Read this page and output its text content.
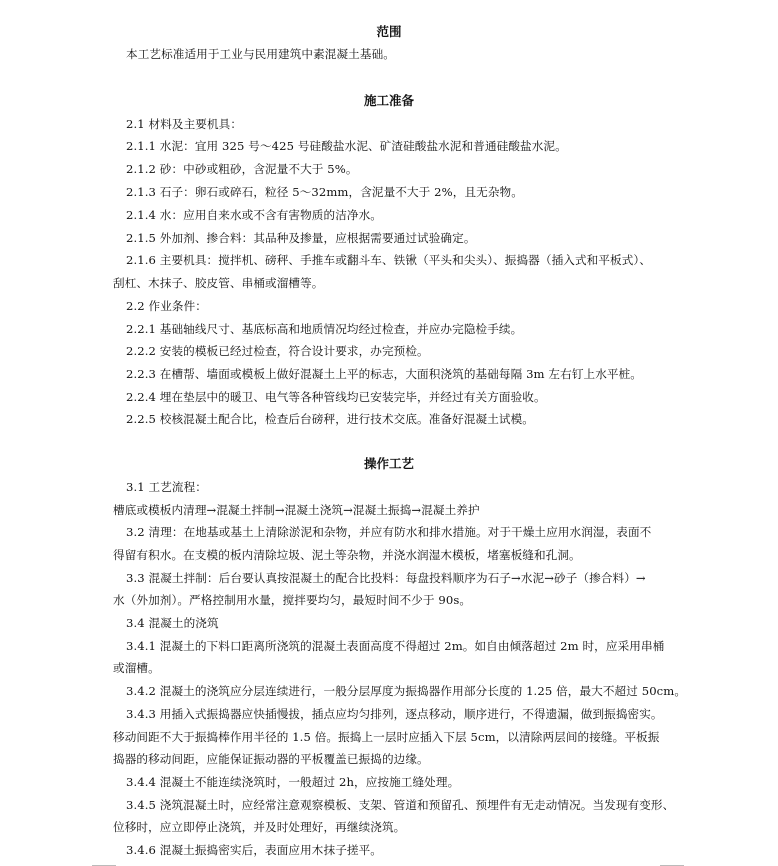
范围
本工艺标准适用于工业与民用建筑中素混凝土基础。
施工准备
2.1 材料及主要机具：
2.1.1 水泥：宜用 325 号～425 号硅酸盐水泥、矿渣硅酸盐水泥和普通硅酸盐水泥。
2.1.2 砂：中砂或粗砂，含泥量不大于 5%。
2.1.3 石子：卵石或碎石，粒径 5～32mm，含泥量不大于 2%，且无杂物。
2.1.4 水：应用自来水或不含有害物质的洁净水。
2.1.5 外加剂、掺合料：其品种及掺量，应根据需要通过试验确定。
2.1.6 主要机具：搅拌机、磅秤、手推车或翻斗车、铁锹（平头和尖头）、振捣器（插入式和平板式）、
刮杠、木抹子、胶皮管、串桶或溜槽等。
2.2 作业条件：
2.2.1 基础轴线尺寸、基底标高和地质情况均经过检查，并应办完隐检手续。
2.2.2 安装的模板已经过检查，符合设计要求，办完预检。
2.2.3 在槽帮、墙面或模板上做好混凝土上平的标志，大面积浇筑的基础每隔 3m 左右钉上水平桩。
2.2.4 埋在垫层中的暖卫、电气等各种管线均已安装完毕，并经过有关方面验收。
2.2.5 校核混凝土配合比，检查后台磅秤，进行技术交底。准备好混凝土试模。
操作工艺
3.1 工艺流程：
槽底或模板内清理→混凝土拌制→混凝土浇筑→混凝土振捣→混凝土养护
3.2 清理：在地基或基土上清除淤泥和杂物，并应有防水和排水措施。对于干燥土应用水润湿，表面不
得留有积水。在支模的板内清除垃圾、泥土等杂物，并浇水润湿木模板，堵塞板缝和孔洞。
3.3 混凝土拌制：后台要认真按混凝土的配合比投料：每盘投料顺序为石子→水泥→砂子（掺合料）→
水（外加剂）。严格控制用水量，搅拌要均匀，最短时间不少于 90s。
3.4 混凝土的浇筑
3.4.1 混凝土的下料口距离所浇筑的混凝土表面高度不得超过 2m。如自由倾落超过 2m 时，应采用串桶
或溜槽。
3.4.2 混凝土的浇筑应分层连续进行，一般分层厚度为振捣器作用部分长度的 1.25 倍，最大不超过 50cm。
3.4.3 用插入式振捣器应快插慢拔，插点应均匀排列，逐点移动，顺序进行，不得遗漏，做到振捣密实。
移动间距不大于振捣棒作用半径的 1.5 倍。振捣上一层时应插入下层 5cm，以清除两层间的接缝。平板振
捣器的移动间距，应能保证振动器的平板覆盖已振捣的边缘。
3.4.4 混凝土不能连续浇筑时，一般超过 2h，应按施工缝处理。
3.4.5 浇筑混凝土时，应经常注意观察模板、支架、管道和预留孔、预埋件有无走动情况。当发现有变形、
位移时，应立即停止浇筑，并及时处理好，再继续浇筑。
3.4.6 混凝土振捣密实后，表面应用木抹子搓平。
